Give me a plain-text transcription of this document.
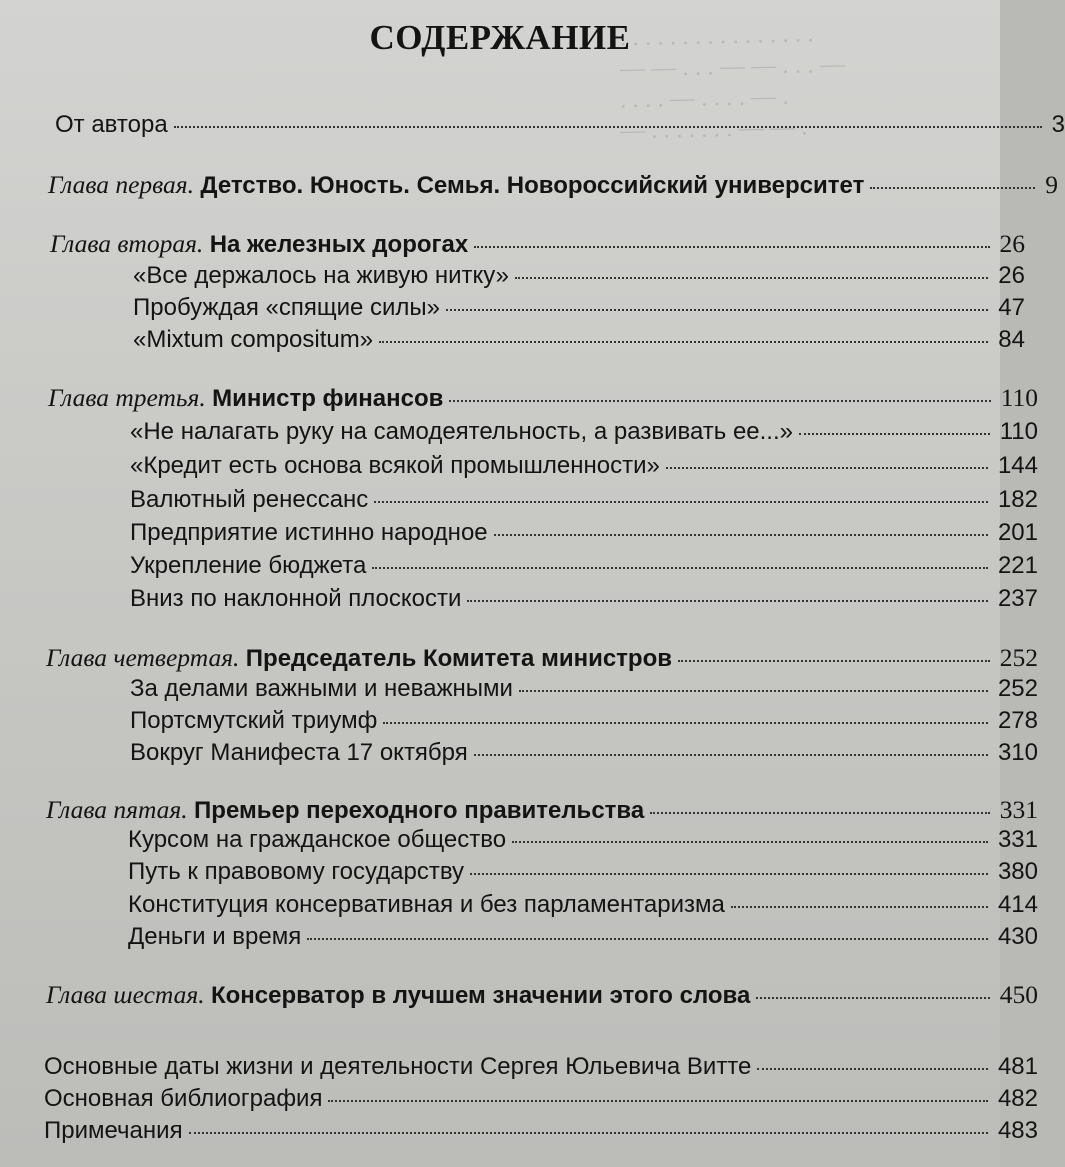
. . . . . . . . . . . . . . . .
— — . . . — — . . . —
. . . . — . . . . — .
— . . . . . . . — — .
СОДЕРЖАНИЕ
От автора	3
Глава первая. Детство. Юность. Семья. Новороссийский университет	9
Глава вторая. На железных дорогах	26
«Все держалось на живую нитку»	26
Пробуждая «спящие силы»	47
«Mixtum compositum»	84
Глава третья. Министр финансов	110
«Не налагать руку на самодеятельность, а развивать ее...»	110
«Кредит есть основа всякой промышленности»	144
Валютный ренессанс	182
Предприятие истинно народное	201
Укрепление бюджета	221
Вниз по наклонной плоскости	237
Глава четвертая. Председатель Комитета министров	252
За делами важными и неважными	252
Портсмутский триумф	278
Вокруг Манифеста 17 октября	310
Глава пятая. Премьер переходного правительства	331
Курсом на гражданское общество	331
Путь к правовому государству	380
Конституция консервативная и без парламентаризма	414
Деньги и время	430
Глава шестая. Консерватор в лучшем значении этого слова	450
Основные даты жизни и деятельности Сергея Юльевича Витте	481
Основная библиография	482
Примечания	483
